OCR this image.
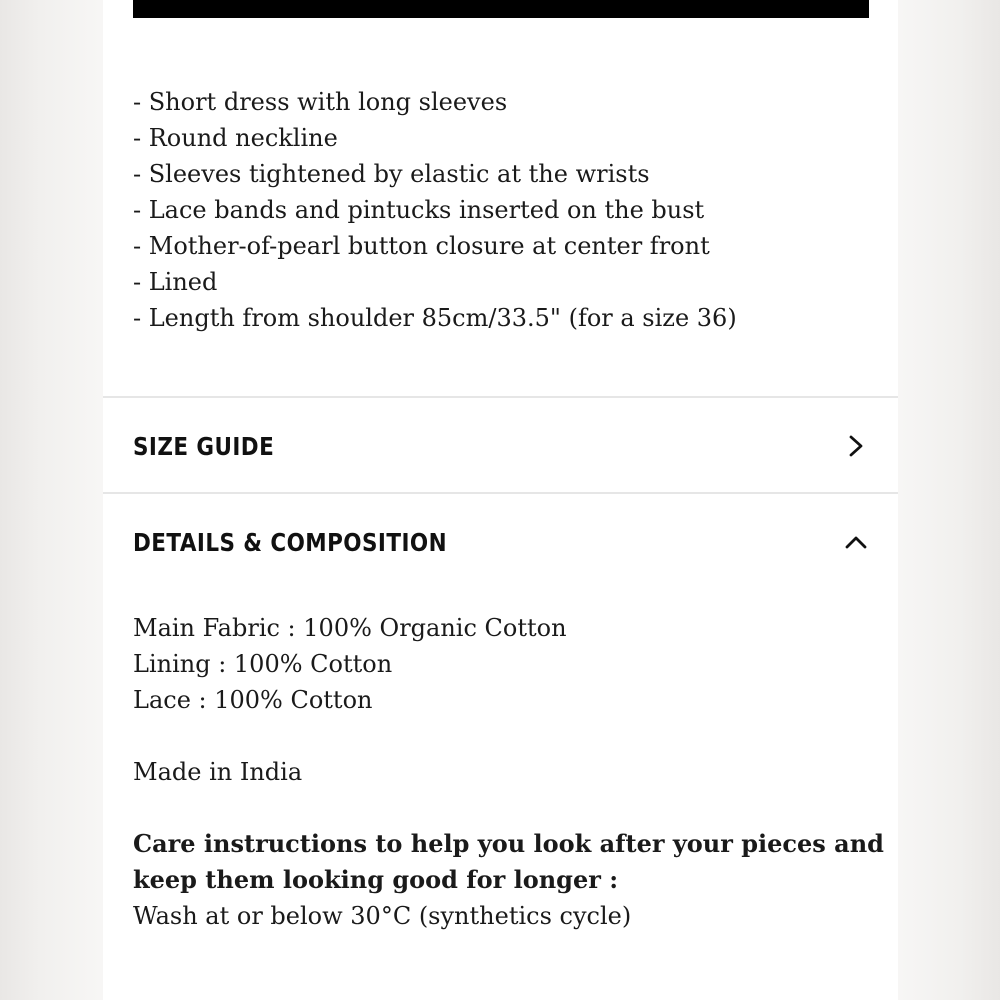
- Short dress with long sleeves
- Round neckline
- Sleeves tightened by elastic at the wrists
- Lace bands and pintucks inserted on the bust
- Mother-of-pearl button closure at center front
- Lined
- Length from shoulder 85cm/33.5" (for a size 36)
SIZE GUIDE
DETAILS & COMPOSITION

Main Fabric : 100% Organic Cotton

Lining : 100% Cotton

Lace : 100% Cotton

Made in India

Care instructions to help you look after your pieces and

keep them looking good for longer :

Wash at or below 30°C (synthetics cycle)
